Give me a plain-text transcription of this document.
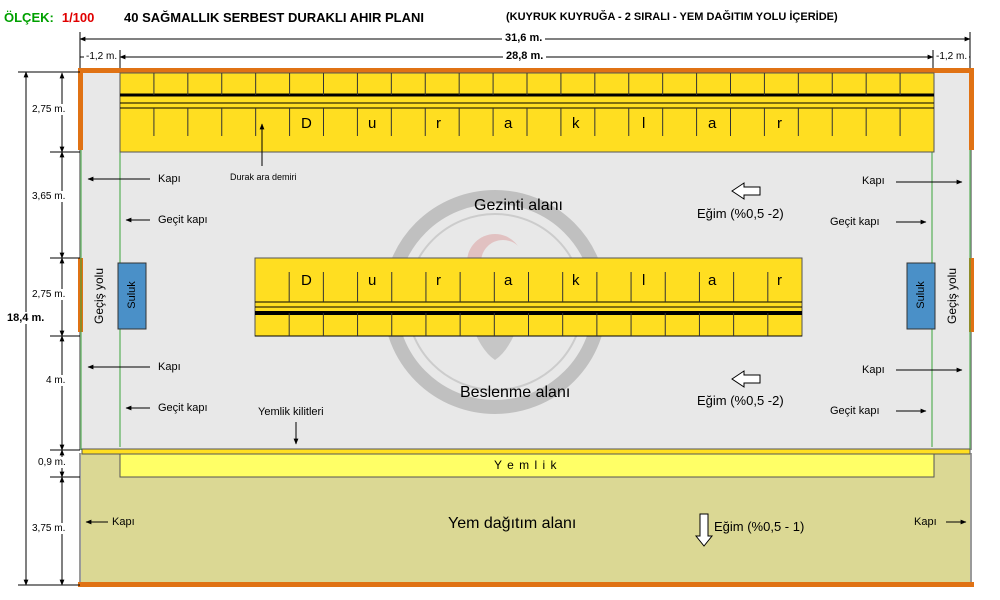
ÖLÇEK: 1/100 40 SAĞMALLIK SERBEST DURAKLI AHIR PLANI	(KUYRUK KUYRUĞA - 2 SIRALI - YEM DAĞITIM YOLU İÇERİDE)
31,6 m.
28,8 m.
-1,2 m.	-1,2 m.
18,4 m.
2,75 m.
3,65 m.
2,75 m.
4 m.
0,9 m.
3,75 m.
D	u	r	a	k	l	a	r
D	u	r	a	k	l	a	r
Durak ara demiri
Gezinti alanı
Beslenme alanı
Yem dağıtım alanı
Y e m l i k
Yemlik kilitleri
Eğim (%0,5 -2)
Eğim (%0,5 -2)
Eğim (%0,5 - 1)
Kapı	Kapı
Kapı	Kapı
Kapı	Kapı
Geçit kapı	Geçit kapı
Geçit kapı	Geçit kapı
Geçiş yolu	Geçiş yolu
Suluk	Suluk
